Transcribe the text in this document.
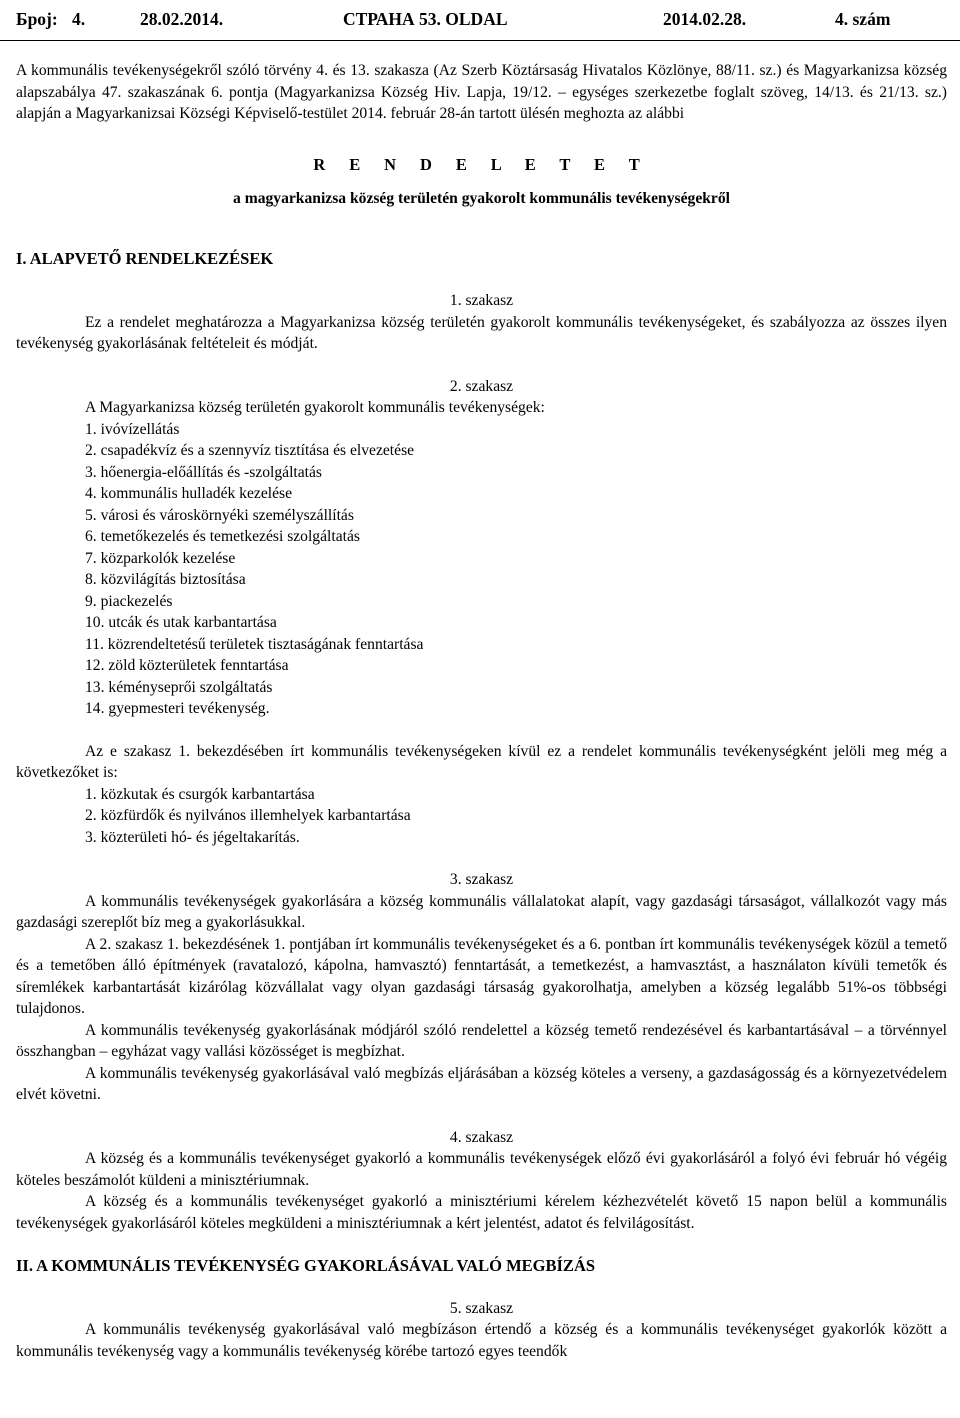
Број: 4.	28.02.2014.	СТРАНА 53. OLDAL	2014.02.28.	4. szám

A kommunális tevékenységekről szóló törvény 4. és 13. szakasza (Az Szerb Köztársaság Hivatalos Közlönye, 88/11. sz.) és Magyarkanizsa község alapszabálya 47. szakaszának 6. pontja (Magyarkanizsa Község Hiv. Lapja, 19/12. – egységes szerkezetbe foglalt szöveg, 14/13. és 21/13. sz.) alapján a Magyarkanizsai Községi Képviselő-testület 2014. február 28-án tartott ülésén meghozta az alábbi

R E N D E L E T E T

a magyarkanizsa község területén gyakorolt kommunális tevékenységekről

I. ALAPVETŐ RENDELKEZÉSEK

1. szakasz

Ez a rendelet meghatározza a Magyarkanizsa község területén gyakorolt kommunális tevékenységeket, és szabályozza az összes ilyen tevékenység gyakorlásának feltételeit és módját.

2. szakasz

A Magyarkanizsa község területén gyakorolt kommunális tevékenységek:

1. ivóvízellátás

2. csapadékvíz és a szennyvíz tisztítása és elvezetése

3. hőenergia-előállítás és -szolgáltatás

4. kommunális hulladék kezelése

5. városi és városkörnyéki személyszállítás

6. temetőkezelés és temetkezési szolgáltatás

7. közparkolók kezelése

8. közvilágítás biztosítása

9. piackezelés

10. utcák és utak karbantartása

11. közrendeltetésű területek tisztaságának fenntartása

12. zöld közterületek fenntartása

13. kéményseprői szolgáltatás

14. gyepmesteri tevékenység.

Az e szakasz 1. bekezdésében írt kommunális tevékenységeken kívül ez a rendelet kommunális tevékenységként jelöli meg még a következőket is:

1. közkutak és csurgók karbantartása

2. közfürdők és nyilvános illemhelyek karbantartása

3. közterületi hó- és jégeltakarítás.

3. szakasz

A kommunális tevékenységek gyakorlására a község kommunális vállalatokat alapít, vagy gazdasági társaságot, vállalkozót vagy más gazdasági szereplőt bíz meg a gyakorlásukkal.

A 2. szakasz 1. bekezdésének 1. pontjában írt kommunális tevékenységeket és a 6. pontban írt kommunális tevékenységek közül a temető és a temetőben álló építmények (ravatalozó, kápolna, hamvasztó) fenntartását, a temetkezést, a hamvasztást, a használaton kívüli temetők és síremlékek karbantartását kizárólag közvállalat vagy olyan gazdasági társaság gyakorolhatja, amelyben a község legalább 51%-os többségi tulajdonos.

A kommunális tevékenység gyakorlásának módjáról szóló rendelettel a község temető rendezésével és karbantartásával – a törvénnyel összhangban – egyházat vagy vallási közösséget is megbízhat.

A kommunális tevékenység gyakorlásával való megbízás eljárásában a község köteles a verseny, a gazdaságosság és a környezetvédelem elvét követni.

4. szakasz

A község és a kommunális tevékenységet gyakorló a kommunális tevékenységek előző évi gyakorlásáról a folyó évi február hó végéig köteles beszámolót küldeni a minisztériumnak.

A község és a kommunális tevékenységet gyakorló a minisztériumi kérelem kézhezvételét követő 15 napon belül a kommunális tevékenységek gyakorlásáról köteles megküldeni a minisztériumnak a kért jelentést, adatot és felvilágosítást.

II. A KOMMUNÁLIS TEVÉKENYSÉG GYAKORLÁSÁVAL VALÓ MEGBÍZÁS

5. szakasz

A kommunális tevékenység gyakorlásával való megbízáson értendő a község és a kommunális tevékenységet gyakorlók között a kommunális tevékenység vagy a kommunális tevékenység körébe tartozó egyes teendők
